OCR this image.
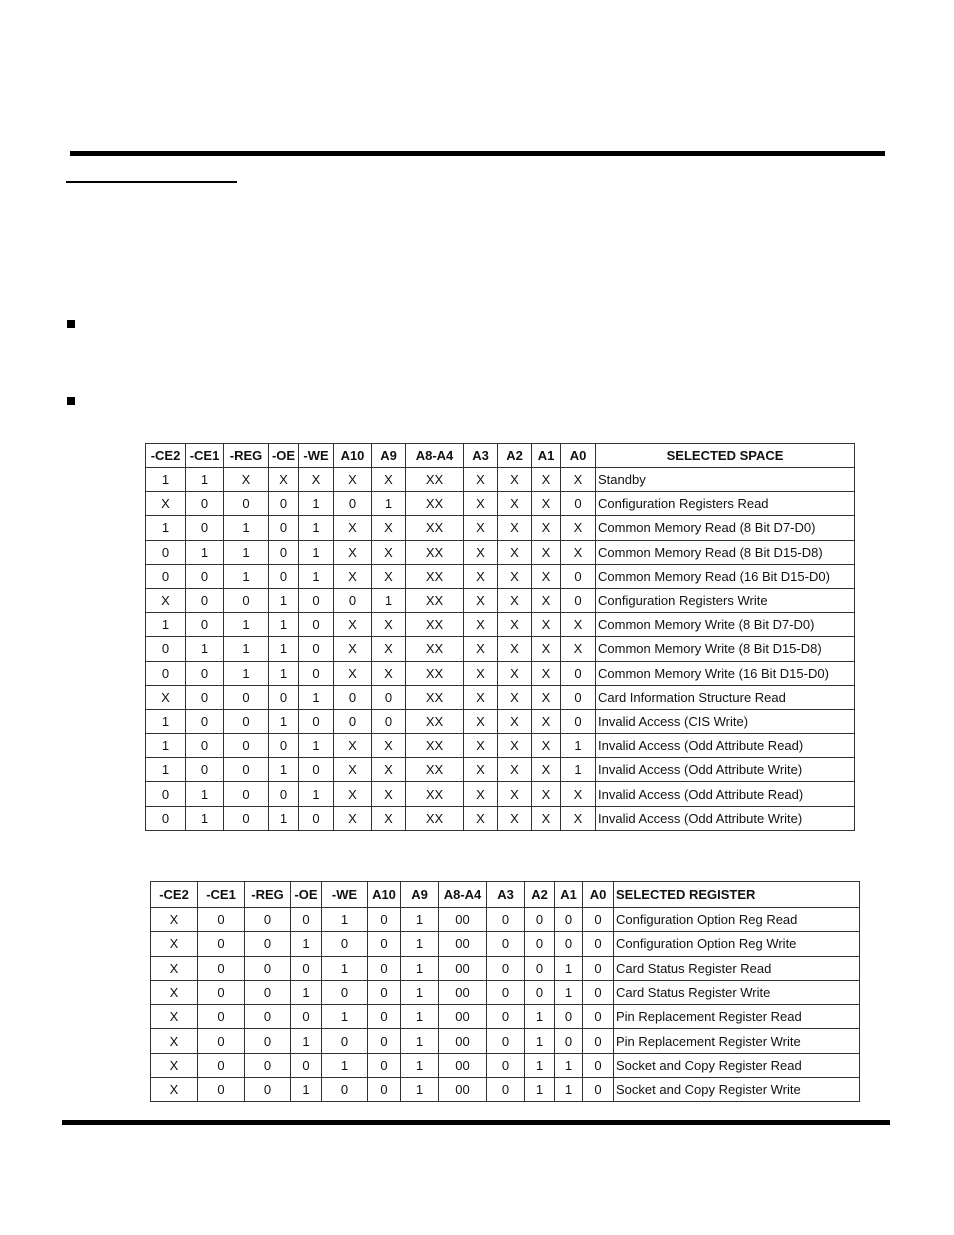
-CE2	-CE1	-REG	-OE	-WE	A10	A9	A8-A4	A3	A2	A1	A0	SELECTED SPACE
1	1	X	X	X	X	X	XX	X	X	X	X	Standby
X	0	0	0	1	0	1	XX	X	X	X	0	Configuration Registers Read
1	0	1	0	1	X	X	XX	X	X	X	X	Common Memory Read (8 Bit D7-D0)
0	1	1	0	1	X	X	XX	X	X	X	X	Common Memory Read (8 Bit D15-D8)
0	0	1	0	1	X	X	XX	X	X	X	0	Common Memory Read (16 Bit D15-D0)
X	0	0	1	0	0	1	XX	X	X	X	0	Configuration Registers Write
1	0	1	1	0	X	X	XX	X	X	X	X	Common Memory Write (8 Bit D7-D0)
0	1	1	1	0	X	X	XX	X	X	X	X	Common Memory Write (8 Bit D15-D8)
0	0	1	1	0	X	X	XX	X	X	X	0	Common Memory Write (16 Bit D15-D0)
X	0	0	0	1	0	0	XX	X	X	X	0	Card Information Structure Read
1	0	0	1	0	0	0	XX	X	X	X	0	Invalid Access (CIS Write)
1	0	0	0	1	X	X	XX	X	X	X	1	Invalid Access (Odd Attribute Read)
1	0	0	1	0	X	X	XX	X	X	X	1	Invalid Access (Odd Attribute Write)
0	1	0	0	1	X	X	XX	X	X	X	X	Invalid Access (Odd Attribute Read)
0	1	0	1	0	X	X	XX	X	X	X	X	Invalid Access (Odd Attribute Write)
-CE2	-CE1	-REG	-OE	-WE	A10	A9	A8-A4	A3	A2	A1	A0	SELECTED REGISTER
X	0	0	0	1	0	1	00	0	0	0	0	Configuration Option Reg Read
X	0	0	1	0	0	1	00	0	0	0	0	Configuration Option Reg Write
X	0	0	0	1	0	1	00	0	0	1	0	Card Status Register Read
X	0	0	1	0	0	1	00	0	0	1	0	Card Status Register Write
X	0	0	0	1	0	1	00	0	1	0	0	Pin Replacement Register Read
X	0	0	1	0	0	1	00	0	1	0	0	Pin Replacement Register Write
X	0	0	0	1	0	1	00	0	1	1	0	Socket and Copy Register Read
X	0	0	1	0	0	1	00	0	1	1	0	Socket and Copy Register Write
